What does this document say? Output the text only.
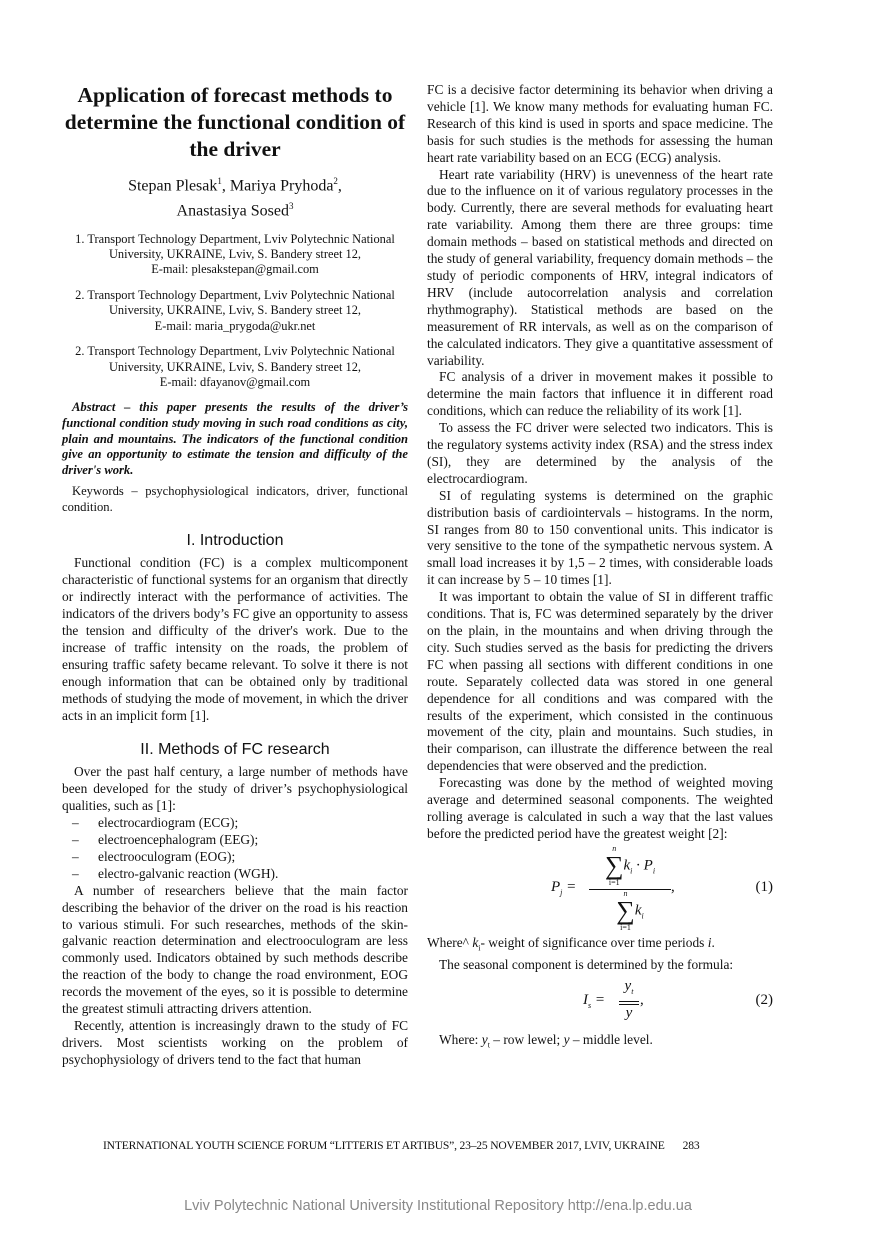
Application of forecast methods to determine the functional condition of the driver
Stepan Plesak$^1$, Mariya Pryhoda$^2$,
Anastasiya Sosed$^3$
1. Transport Technology Department, Lviv Polytechnic National University, UKRAINE, Lviv, S. Bandery street 12,
E-mail: plesakstepan@gmail.com
2. Transport Technology Department, Lviv Polytechnic National University, UKRAINE, Lviv, S. Bandery street 12,
E-mail: maria_prygoda@ukr.net
2. Transport Technology Department, Lviv Polytechnic National University, UKRAINE, Lviv, S. Bandery street 12,
E-mail: dfayanov@gmail.com

Abstract – this paper presents the results of the driver’s functional condition study moving in such road conditions as city, plain and mountains. The indicators of the functional condition give an opportunity to estimate the tension and difficulty of the driver's work.

Keywords – psychophysiological indicators, driver, functional condition.

I. Introduction

Functional condition (FC) is a complex multicomponent characteristic of functional systems for an organism that directly or indirectly interact with the performance of activities. The indicators of the drivers body’s FC give an opportunity to assess the tension and difficulty of the driver's work. Due to the increase of traffic intensity on the roads, the problem of ensuring traffic safety became relevant. To solve it there is not enough information that can be obtained only by traditional methods of studying the mode of movement, in which the driver acts in an implicit form [1].

II. Methods of FC research

Over the past half century, a large number of methods have been developed for the study of driver’s psychophysiological qualities, such as [1]:

– electrocardiogram (ECG);
– electroencephalogram (EEG);
– electrooculogram (EOG);
– electro-galvanic reaction (WGH).

A number of researchers believe that the main factor describing the behavior of the driver on the road is his reaction to various stimuli. For such researches, methods of the skin-galvanic reaction determination and electrooculogram are less commonly used. Indicators obtained by such methods describe the reaction of the body to change the road environment, EOG records the movement of the eyes, so it is possible to determine the greatest stimuli attracting drivers attention.

Recently, attention is increasingly drawn to the study of FC drivers. Most scientists working on the problem of psychophysiology of drivers tend to the fact that human

FC is a decisive factor determining its behavior when driving a vehicle [1]. We know many methods for evaluating human FC. Research of this kind is used in sports and space medicine. The basis for such studies is the methods for assessing the human heart rate variability based on an ECG (ECG) analysis.

Heart rate variability (HRV) is unevenness of the heart rate due to the influence on it of various regulatory processes in the body. Currently, there are several methods for evaluating heart rate variability. Among them there are three groups: time domain methods – based on statistical methods and directed on the study of general variability, frequency domain methods – the study of periodic components of HRV, integral indicators of HRV (include autocorrelation analysis and correlation rhythmography). Statistical methods are based on the measurement of RR intervals, as well as on the comparison of the calculated indicators. They give a quantitative assessment of variability.

FC analysis of a driver in movement makes it possible to determine the main factors that influence it in different road conditions, which can reduce the reliability of its work [1].

To assess the FC driver were selected two indicators. This is the regulatory systems activity index (RSA) and the stress index (SI), they are determined by the analysis of the electrocardiogram.

SI of regulating systems is determined on the graphic distribution basis of cardiointervals – histograms. In the norm, SI ranges from 80 to 150 conventional units. This indicator is very sensitive to the tone of the sympathetic nervous system. A small load increases it by 1,5 – 2 times, with considerable loads it can increase by 5 – 10 times [1].

It was important to obtain the value of SI in different traffic conditions. That is, FC was determined separately by the driver on the plain, in the mountains and when driving through the city. Such studies served as the basis for predicting the drivers FC when passing all sections with different conditions in one route. Separately collected data was stored in one general dependence for all conditions and was compared with the results of the experiment, which consisted in the continuous movement of the city, plain and mountains. Such studies, in their comparison, can illustrate the difference between the real dependencies that were observed and the prediction.

Forecasting was done by the method of weighted moving average and determined seasonal components. The weighted rolling average is calculated in such a way that the last values before the predicted period have the greatest weight [2]:

$P_j$ =
n
∑
i=1
$k_i \cdot P_i$
n
∑
i=1
$k_i$
,	(1)

Where^ $k_i-$ weight of significance over time periods i.

The seasonal component is determined by the formula:

$I_s$ =
$y_t$
y
,	(2)

Where: $y_t$ – row lewel; y – middle level.

INTERNATIONAL YOUTH SCIENCE FORUM “LITTERIS ET ARTIBUS”, 23–25 NOVEMBER 2017, LVIV, UKRAINE 283
Lviv Polytechnic National University Institutional Repository http://ena.lp.edu.ua
